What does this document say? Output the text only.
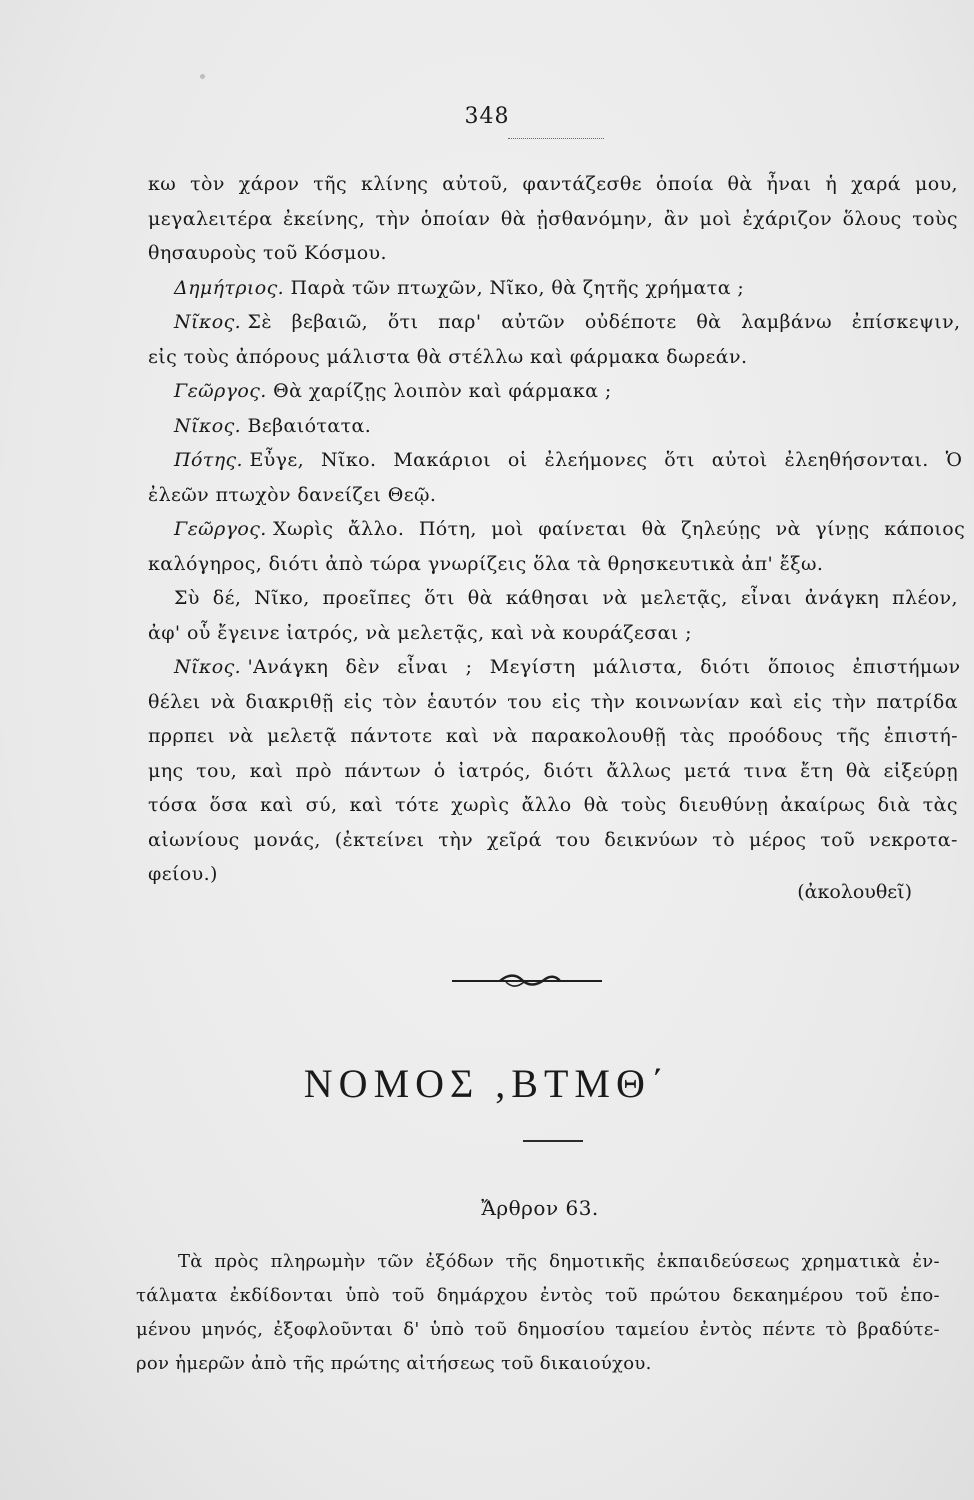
348
κω τὸν χάρον τῆς κλίνης αὐτοῦ, φαντάζεσθε ὁποία θὰ ἦναι ἡ χαρά μου,
μεγαλειτέρα ἐκείνης, τὴν ὁποίαν θὰ ᾐσθανόμην, ἂν μοὶ ἐχάριζον ὅλους τοὺς
θησαυροὺς τοῦ Κόσμου.
Δημήτριος. Παρὰ τῶν πτωχῶν, Νῖκο, θὰ ζητῆς χρήματα ;
Νῖκος. Σὲ βεβαιῶ, ὅτι παρ' αὐτῶν οὐδέποτε θὰ λαμβάνω ἐπίσκεψιν,
εἰς τοὺς ἀπόρους μάλιστα θὰ στέλλω καὶ φάρμακα δωρεάν.
Γεῶργος. Θὰ χαρίζῃς λοιπὸν καὶ φάρμακα ;
Νῖκος. Βεβαιότατα.
Πότης. Εὖγε, Νῖκο. Μακάριοι οἱ ἐλεήμονες ὅτι αὐτοὶ ἐλεηθήσονται. Ὁ
ἐλεῶν πτωχὸν δανείζει Θεῷ.
Γεῶργος. Χωρὶς ἄλλο. Πότη, μοὶ φαίνεται θὰ ζηλεύῃς νὰ γίνῃς κάποιος
καλόγηρος, διότι ἀπὸ τώρα γνωρίζεις ὅλα τὰ θρησκευτικὰ ἀπ' ἔξω.
Σὺ δέ, Νῖκο, προεῖπες ὅτι θὰ κάθησαι νὰ μελετᾷς, εἶναι ἀνάγκη πλέον,
ἀφ' οὗ ἔγεινε ἰατρός, νὰ μελετᾷς, καὶ νὰ κουράζεσαι ;
Νῖκος. 'Ανάγκη δὲν εἶναι ; Μεγίστη μάλιστα, διότι ὅποιος ἐπιστήμων
θέλει νὰ διακριθῇ εἰς τὸν ἑαυτόν του εἰς τὴν κοινωνίαν καὶ εἰς τὴν πατρίδα
πρρπει νὰ μελετᾷ πάντοτε καὶ νὰ παρακολουθῇ τὰς προόδους τῆς ἐπιστή-
μης του, καὶ πρὸ πάντων ὁ ἰατρός, διότι ἄλλως μετά τινα ἔτη θὰ εἰξεύρῃ
τόσα ὅσα καὶ σύ, καὶ τότε χωρὶς ἄλλο θὰ τοὺς διευθύνῃ ἀκαίρως διὰ τὰς
αἰωνίους μονάς, (ἐκτείνει τὴν χεῖρά του δεικνύων τὸ μέρος τοῦ νεκροτα-
φείου.)
(ἀκολουθεῖ)
ΝΟΜΟΣ ,ΒΤΜΘ΄
Ἄρθρον 63.
Τὰ πρὸς πληρωμὴν τῶν ἐξόδων τῆς δημοτικῆς ἐκπαιδεύσεως χρηματικὰ ἐν-
τάλματα ἐκδίδονται ὑπὸ τοῦ δημάρχου ἐντὸς τοῦ πρώτου δεκαημέρου τοῦ ἑπο-
μένου μηνός, ἐξοφλοῦνται δ' ὑπὸ τοῦ δημοσίου ταμείου ἐντὸς πέντε τὸ βραδύτε-
ρον ἡμερῶν ἀπὸ τῆς πρώτης αἰτήσεως τοῦ δικαιούχου.
